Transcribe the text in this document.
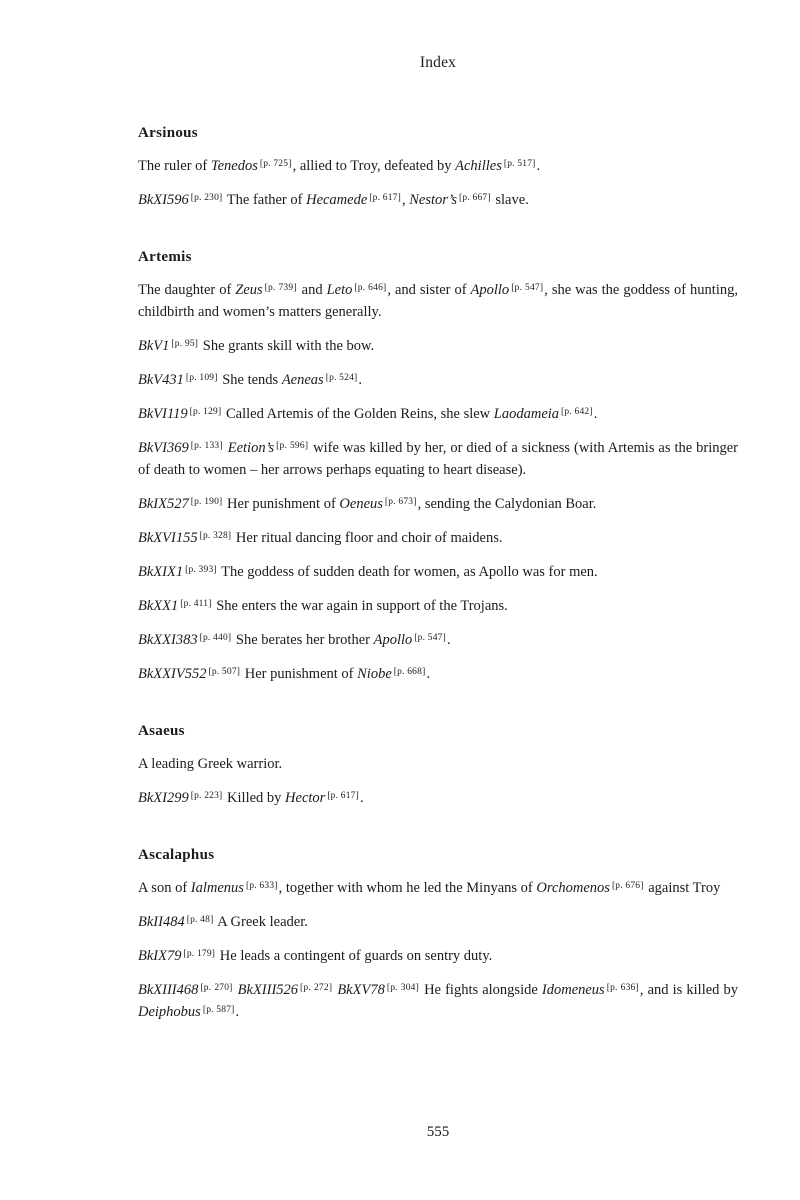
Index
Arsinous

The ruler of Tenedos [p. 725], allied to Troy, defeated by Achilles [p. 517].

BkXI596 [p. 230] The father of Hecamede [p. 617], Nestor’s [p. 667] slave.

Artemis

The daughter of Zeus [p. 739] and Leto [p. 646], and sister of Apollo [p. 547], she was the goddess of hunting, childbirth and women’s matters generally.

BkV1 [p. 95] She grants skill with the bow.

BkV431 [p. 109] She tends Aeneas [p. 524].

BkVI119 [p. 129] Called Artemis of the Golden Reins, she slew Laodameia [p. 642].

BkVI369 [p. 133] Eetion’s [p. 596] wife was killed by her, or died of a sickness (with Artemis as the bringer of death to women – her arrows perhaps equating to heart disease).

BkIX527 [p. 190] Her punishment of Oeneus [p. 673], sending the Calydonian Boar.

BkXVI155 [p. 328] Her ritual dancing floor and choir of maidens.

BkXIX1 [p. 393] The goddess of sudden death for women, as Apollo was for men.

BkXX1 [p. 411] She enters the war again in support of the Trojans.

BkXXI383 [p. 440] She berates her brother Apollo [p. 547].

BkXXIV552 [p. 507] Her punishment of Niobe [p. 668].

Asaeus

A leading Greek warrior.

BkXI299 [p. 223] Killed by Hector [p. 617].

Ascalaphus

A son of Ialmenus [p. 633], together with whom he led the Minyans of Orchomenos [p. 676] against Troy

BkII484 [p. 48] A Greek leader.

BkIX79 [p. 179] He leads a contingent of guards on sentry duty.

BkXIII468 [p. 270] BkXIII526 [p. 272] BkXV78 [p. 304] He fights alongside Idomeneus [p. 636], and is killed by Deiphobus [p. 587].

555
